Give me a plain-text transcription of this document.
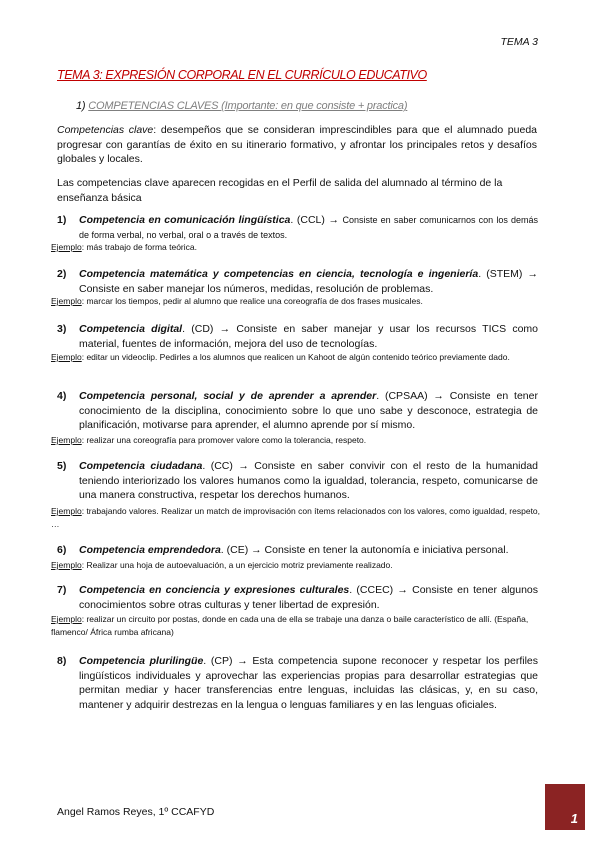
TEMA 3
TEMA 3: EXPRESIÓN CORPORAL EN EL CURRÍCULO EDUCATIVO
1) COMPETENCIAS CLAVES (Importante: en que consiste + practica)
Competencias clave: desempeños que se consideran imprescindibles para que el alumnado pueda progresar con garantías de éxito en su itinerario formativo, y afrontar los principales retos y desafíos globales y locales.
Las competencias clave aparecen recogidas en el Perfil de salida del alumnado al término de la enseñanza básica
1) Competencia en comunicación lingüística. (CCL) → Consiste en saber comunicarnos con los demás de forma verbal, no verbal, oral o a través de textos.
Ejemplo: más trabajo de forma teórica.
2) Competencia matemática y competencias en ciencia, tecnología e ingeniería. (STEM) → Consiste en saber manejar los números, medidas, resolución de problemas.
Ejemplo: marcar los tiempos, pedir al alumno que realice una coreografía de dos frases musicales.
3) Competencia digital. (CD) → Consiste en saber manejar y usar los recursos TICS como material, fuentes de información, mejora del uso de tecnologías.
Ejemplo: editar un videoclip. Pedirles a los alumnos que realicen un Kahoot de algún contenido teórico previamente dado.
4) Competencia personal, social y de aprender a aprender. (CPSAA) → Consiste en tener conocimiento de la disciplina, conocimiento sobre lo que uno sabe y desconoce, estrategia de planificación, motivarse para aprender, el alumno aprende por sí mismo.
Ejemplo: realizar una coreografía para promover valore como la tolerancia, respeto.
5) Competencia ciudadana. (CC) → Consiste en saber convivir con el resto de la humanidad teniendo interiorizado los valores humanos como la igualdad, tolerancia, respeto, comunicarse de una manera constructiva, respetar los derechos humanos.
Ejemplo: trabajando valores. Realizar un match de improvisación con ítems relacionados con los valores, como igualdad, respeto, …
6) Competencia emprendedora. (CE) → Consiste en tener la autonomía e iniciativa personal.
Ejemplo: Realizar una hoja de autoevaluación, a un ejercicio motriz previamente realizado.
7) Competencia en conciencia y expresiones culturales. (CCEC) → Consiste en tener algunos conocimientos sobre otras culturas y tener libertad de expresión.
Ejemplo: realizar un circuito por postas, donde en cada una de ella se trabaje una danza o baile característico de allí. (España, flamenco/ África rumba africana)
8) Competencia plurilingüe. (CP) → Esta competencia supone reconocer y respetar los perfiles lingüísticos individuales y aprovechar las experiencias propias para desarrollar estrategias que permitan mediar y hacer transferencias entre lenguas, incluidas las clásicas, y, en su caso, mantener y adquirir destrezas en la lengua o lenguas familiares y en las lenguas oficiales.
Angel Ramos Reyes, 1º CCAFYD	1
